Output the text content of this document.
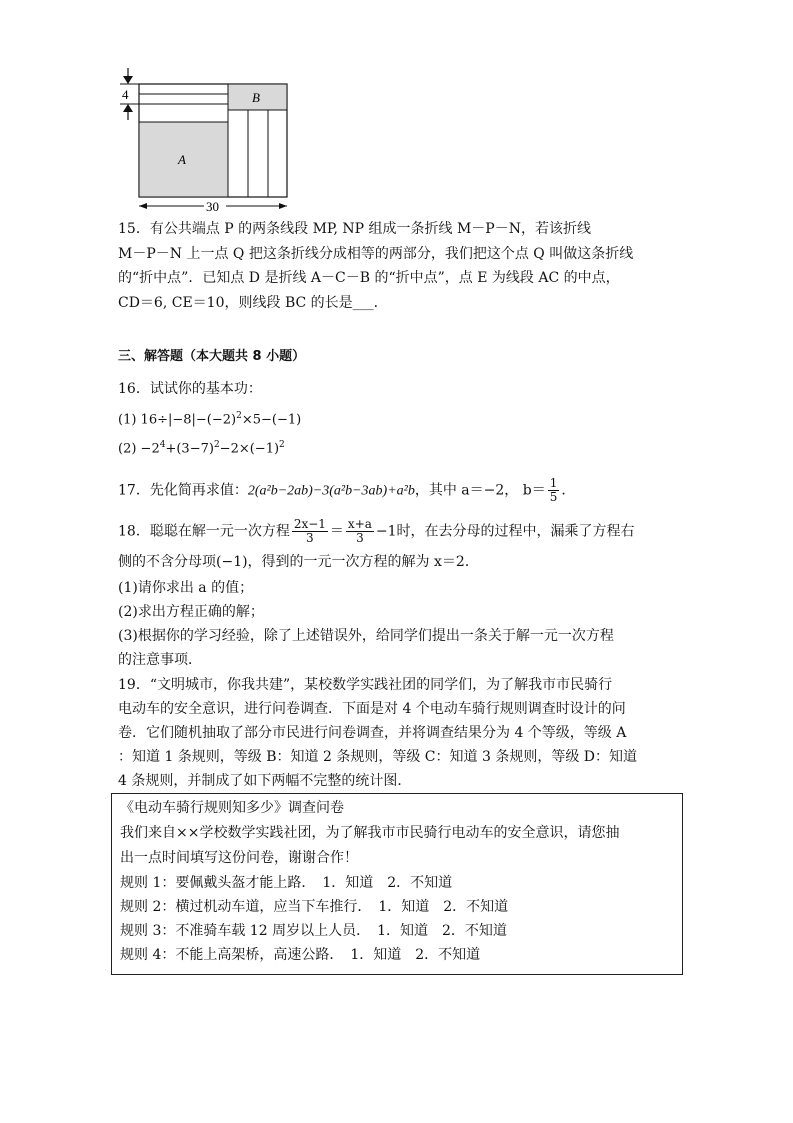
4	B
A
30
15．有公共端点 P 的两条线段 MP, NP 组成一条折线 M－P－N，若该折线
M－P－N 上一点 Q 把这条折线分成相等的两部分，我们把这个点 Q 叫做这条折线
的“折中点”．已知点 D 是折线 A－C－B 的“折中点”，点 E 为线段 AC 的中点，
CD＝6, CE＝10，则线段 BC 的长是___．
三、解答题（本大题共 8 小题）
16．试试你的基本功：
(1) $16\div|-8|-(-2)^2\times 5-(-1)$
$(2) -2^4+(3-7)^2-2\times(-1)^2$
17．先化简再求值：2(a²b−2ab)−3(a²b−3ab)+a²b，其中 a＝−2， $b= \frac{1}{5}$ ．
18．聪聪在解一元一次方程 $\frac{2x-1}{3} = \frac{x+a}{3} -1$时，在去分母的过程中，漏乘了方程右
侧的不含分母项(−1)，得到的一元一次方程的解为 x＝2．
(1)请你求出 a 的值；
(2)求出方程正确的解；
(3)根据你的学习经验，除了上述错误外，给同学们提出一条关于解一元一次方程
的注意事项．
19．“文明城市，你我共建”，某校数学实践社团的同学们，为了解我市市民骑行
电动车的安全意识，进行问卷调查．下面是对 4 个电动车骑行规则调查时设计的问
卷．它们随机抽取了部分市民进行问卷调查，并将调查结果分为 4 个等级，等级 A
：知道 1 条规则，等级 B：知道 2 条规则，等级 C：知道 3 条规则，等级 D：知道
4 条规则，并制成了如下两幅不完整的统计图．
《电动车骑行规则知多少》调查问卷
我们来自××学校数学实践社团，为了解我市市民骑行电动车的安全意识，请您抽
出一点时间填写这份问卷，谢谢合作！
规则 1：要佩戴头盔才能上路．　1．知道　2．不知道
规则 2：横过机动车道，应当下车推行．　1．知道　2．不知道
规则 3：不准骑车载 12 周岁以上人员．　1．知道　2．不知道
规则 4：不能上高架桥，高速公路．　1．知道　2．不知道
